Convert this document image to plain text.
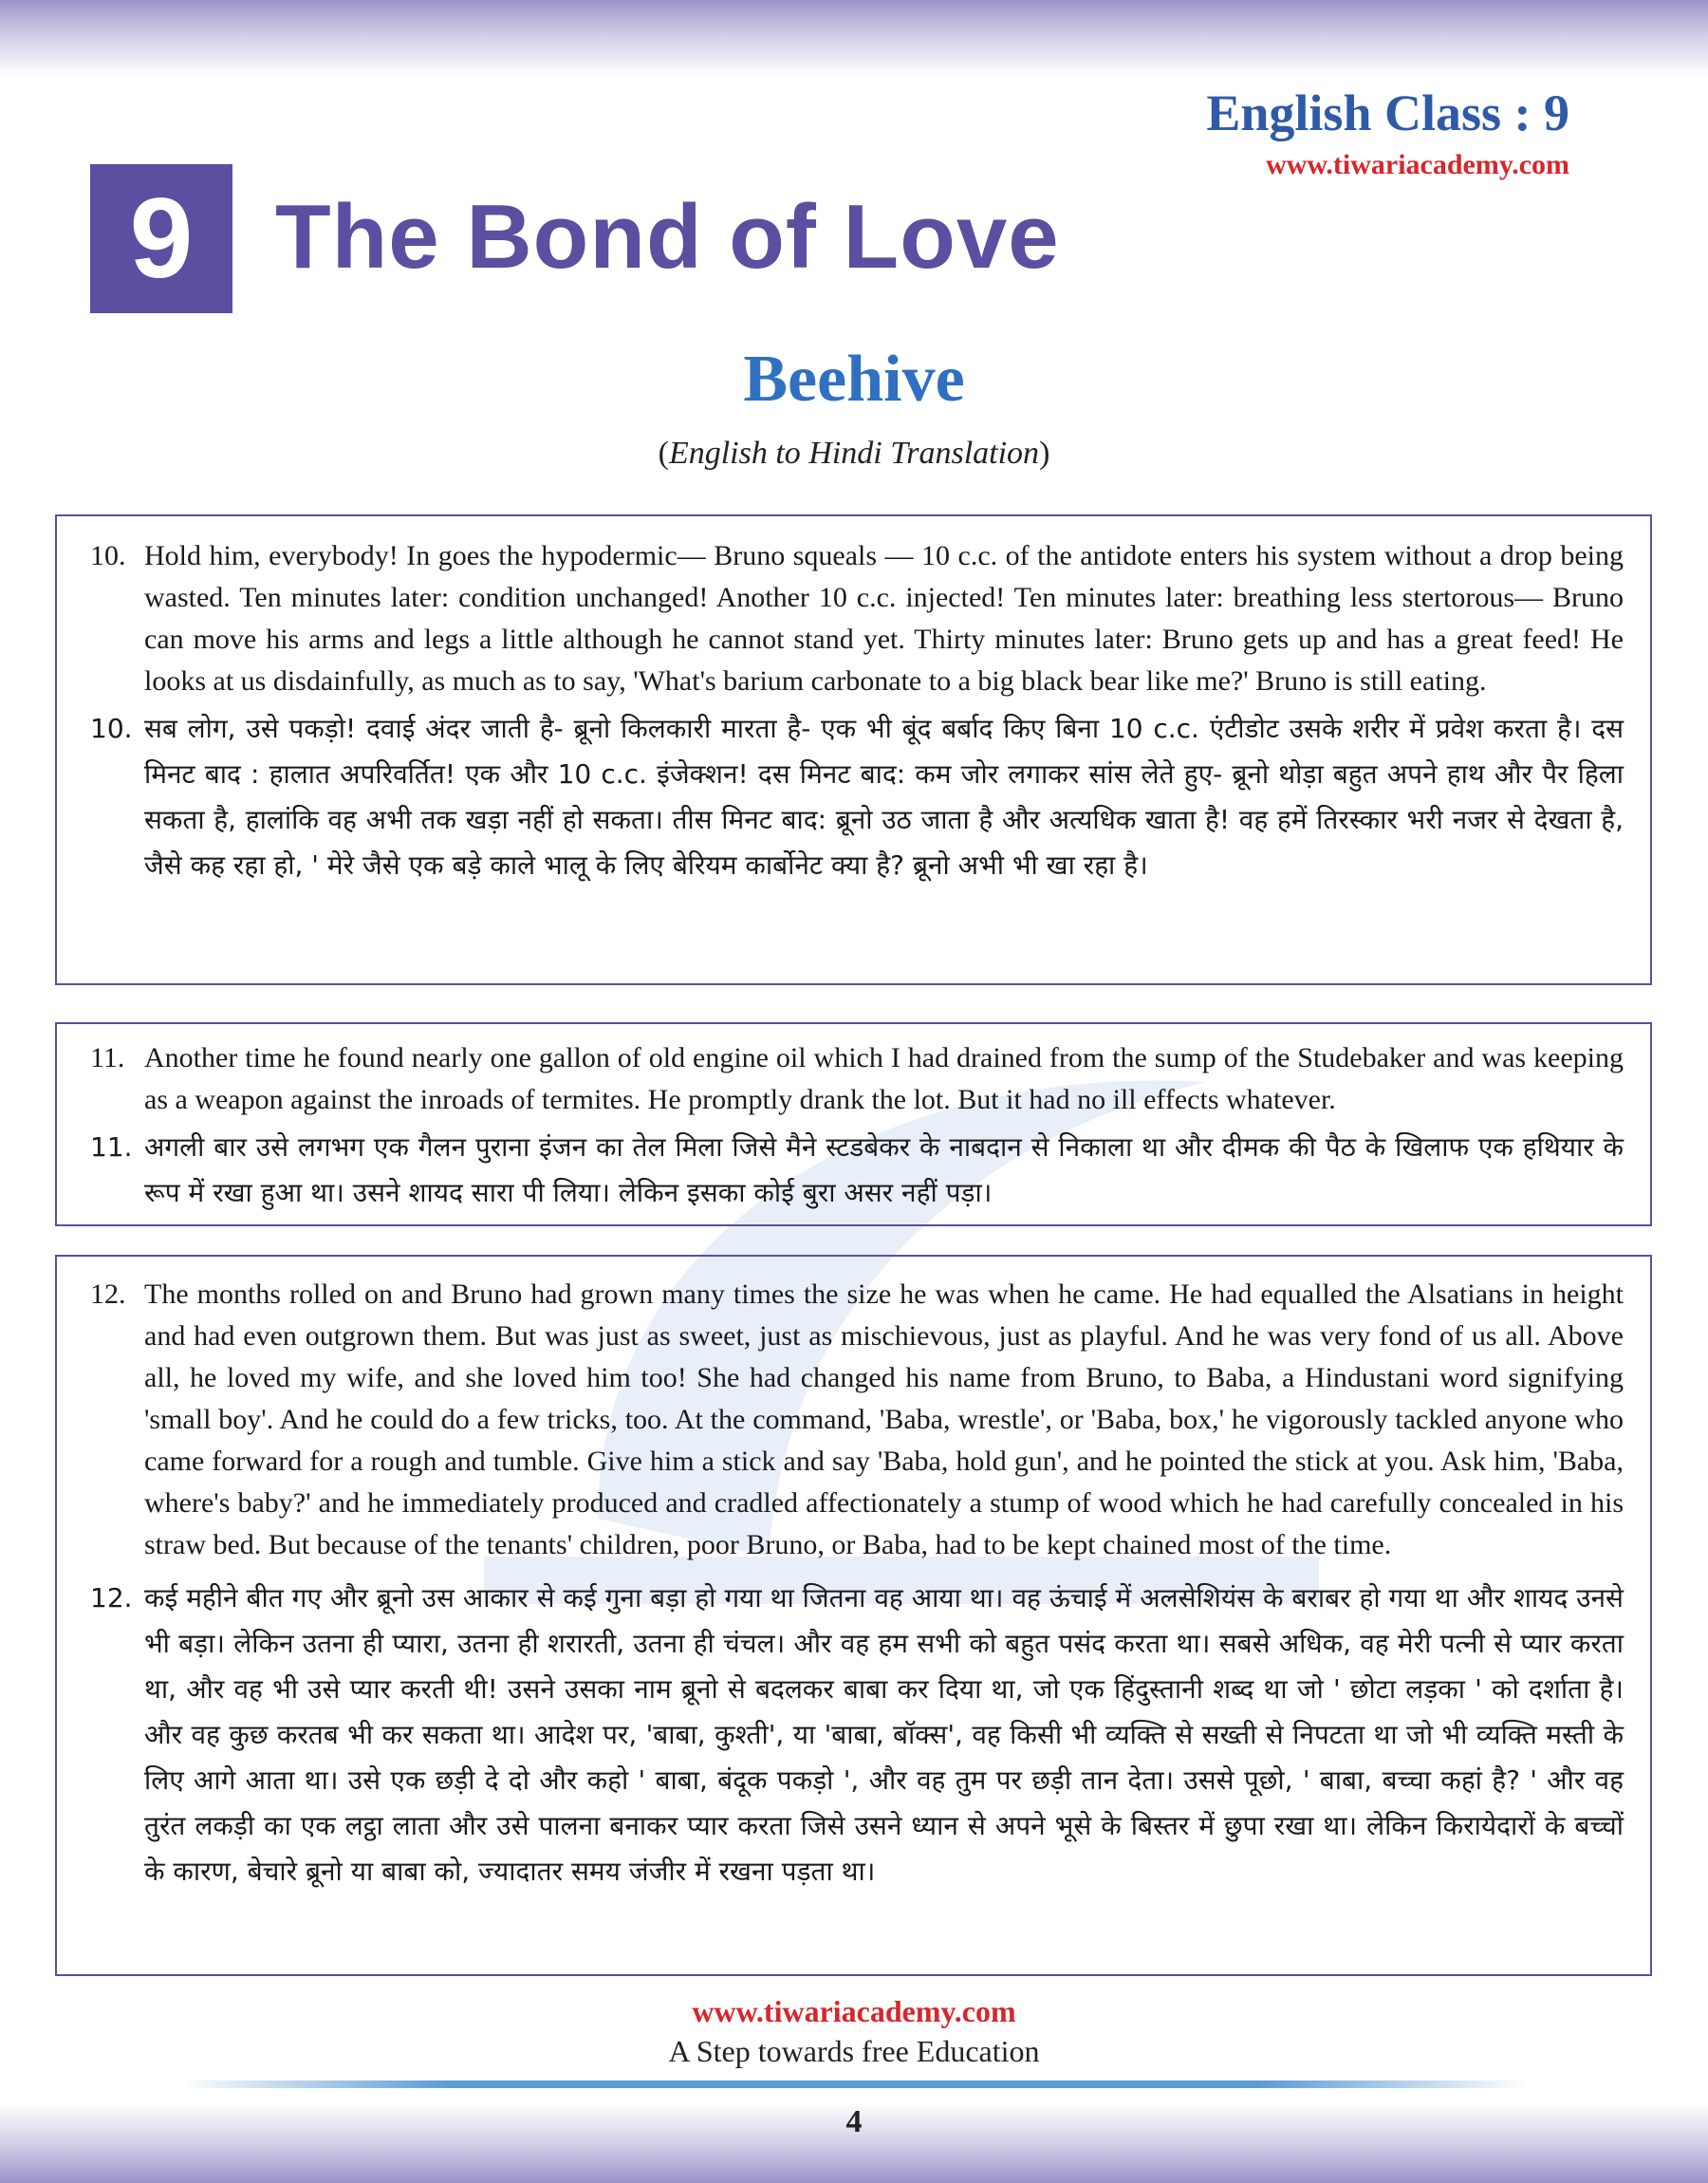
English Class : 9
www.tiwariacademy.com
9 The Bond of Love
Beehive
(English to Hindi Translation)
10. Hold him, everybody! In goes the hypodermic— Bruno squeals — 10 c.c. of the antidote enters his system without a drop being wasted. Ten minutes later: condition unchanged! Another 10 c.c. injected! Ten minutes later: breathing less stertorous— Bruno can move his arms and legs a little although he cannot stand yet. Thirty minutes later: Bruno gets up and has a great feed! He looks at us disdainfully, as much as to say, 'What's barium carbonate to a big black bear like me?' Bruno is still eating.
10. सब लोग, उसे पकड़ो! दवाई अंदर जाती है- ब्रूनो किलकारी मारता है- एक भी बूंद बर्बाद किए बिना 10 c.c. एंटीडोट उसके शरीर में प्रवेश करता है। दस मिनट बाद : हालात अपरिवर्तित! एक और 10 c.c. इंजेक्शन! दस मिनट बाद: कम जोर लगाकर सांस लेते हुए- ब्रूनो थोड़ा बहुत अपने हाथ और पैर हिला सकता है, हालांकि वह अभी तक खड़ा नहीं हो सकता। तीस मिनट बाद: ब्रूनो उठ जाता है और अत्यधिक खाता है! वह हमें तिरस्कार भरी नजर से देखता है, जैसे कह रहा हो, ' मेरे जैसे एक बड़े काले भालू के लिए बेरियम कार्बोनेट क्या है? ब्रूनो अभी भी खा रहा है।
11. Another time he found nearly one gallon of old engine oil which I had drained from the sump of the Studebaker and was keeping as a weapon against the inroads of termites. He promptly drank the lot. But it had no ill effects whatever.
11. अगली बार उसे लगभग एक गैलन पुराना इंजन का तेल मिला जिसे मैने स्टडबेकर के नाबदान से निकाला था और दीमक की पैठ के खिलाफ एक हथियार के रूप में रखा हुआ था। उसने शायद सारा पी लिया। लेकिन इसका कोई बुरा असर नहीं पड़ा।
12. The months rolled on and Bruno had grown many times the size he was when he came. He had equalled the Alsatians in height and had even outgrown them. But was just as sweet, just as mischievous, just as playful. And he was very fond of us all. Above all, he loved my wife, and she loved him too! She had changed his name from Bruno, to Baba, a Hindustani word signifying 'small boy'. And he could do a few tricks, too. At the command, 'Baba, wrestle', or 'Baba, box,' he vigorously tackled anyone who came forward for a rough and tumble. Give him a stick and say 'Baba, hold gun', and he pointed the stick at you. Ask him, 'Baba, where's baby?' and he immediately produced and cradled affectionately a stump of wood which he had carefully concealed in his straw bed. But because of the tenants' children, poor Bruno, or Baba, had to be kept chained most of the time.
12. कई महीने बीत गए और ब्रूनो उस आकार से कई गुना बड़ा हो गया था जितना वह आया था। वह ऊंचाई में अलसेशियंस के बराबर हो गया था और शायद उनसे भी बड़ा। लेकिन उतना ही प्यारा, उतना ही शरारती, उतना ही चंचल। और वह हम सभी को बहुत पसंद करता था। सबसे अधिक, वह मेरी पत्नी से प्यार करता था, और वह भी उसे प्यार करती थी! उसने उसका नाम ब्रूनो से बदलकर बाबा कर दिया था, जो एक हिंदुस्तानी शब्द था जो ' छोटा लड़का ' को दर्शाता है। और वह कुछ करतब भी कर सकता था। आदेश पर, 'बाबा, कुश्ती', या 'बाबा, बॉक्स', वह किसी भी व्यक्ति से सख्ती से निपटता था जो भी व्यक्ति मस्ती के लिए आगे आता था। उसे एक छड़ी दे दो और कहो ' बाबा, बंदूक पकड़ो ', और वह तुम पर छड़ी तान देता। उससे पूछो, ' बाबा, बच्चा कहां है? ' और वह तुरंत लकड़ी का एक लट्ठा लाता और उसे पालना बनाकर प्यार करता जिसे उसने ध्यान से अपने भूसे के बिस्तर में छुपा रखा था। लेकिन किरायेदारों के बच्चों के कारण, बेचारे ब्रूनो या बाबा को, ज्यादातर समय जंजीर में रखना पड़ता था।
www.tiwariacademy.com
A Step towards free Education
4
